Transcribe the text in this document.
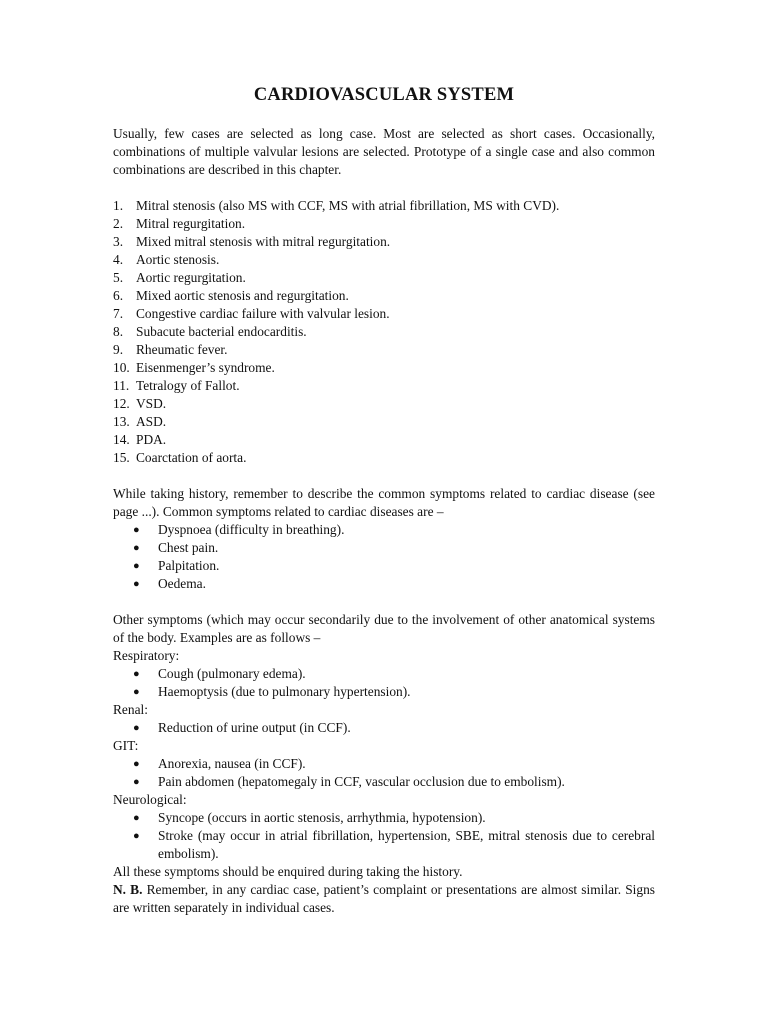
CARDIOVASCULAR SYSTEM

Usually, few cases are selected as long case. Most are selected as short cases. Occasionally, combinations of multiple valvular lesions are selected. Prototype of a single case and also common combinations are described in this chapter.

1. Mitral stenosis (also MS with CCF, MS with atrial fibrillation, MS with CVD).
2. Mitral regurgitation.
3. Mixed mitral stenosis with mitral regurgitation.
4. Aortic stenosis.
5. Aortic regurgitation.
6. Mixed aortic stenosis and regurgitation.
7. Congestive cardiac failure with valvular lesion.
8. Subacute bacterial endocarditis.
9. Rheumatic fever.
10. Eisenmenger’s syndrome.
11. Tetralogy of Fallot.
12. VSD.
13. ASD.
14. PDA.
15. Coarctation of aorta.

While taking history, remember to describe the common symptoms related to cardiac disease (see page ...). Common symptoms related to cardiac diseases are –

●	Dyspnoea (difficulty in breathing).
●	Chest pain.
●	Palpitation.
●	Oedema.

Other symptoms (which may occur secondarily due to the involvement of other anatomical systems of the body. Examples are as follows –

Respiratory:

●	Cough (pulmonary edema).
●	Haemoptysis (due to pulmonary hypertension).

Renal:

●	Reduction of urine output (in CCF).

GIT:

●	Anorexia, nausea (in CCF).
●	Pain abdomen (hepatomegaly in CCF, vascular occlusion due to embolism).

Neurological:

●	Syncope (occurs in aortic stenosis, arrhythmia, hypotension).
●	Stroke (may occur in atrial fibrillation, hypertension, SBE, mitral stenosis due to cerebral embolism).

All these symptoms should be enquired during taking the history.

N. B. Remember, in any cardiac case, patient’s complaint or presentations are almost similar. Signs are written separately in individual cases.
